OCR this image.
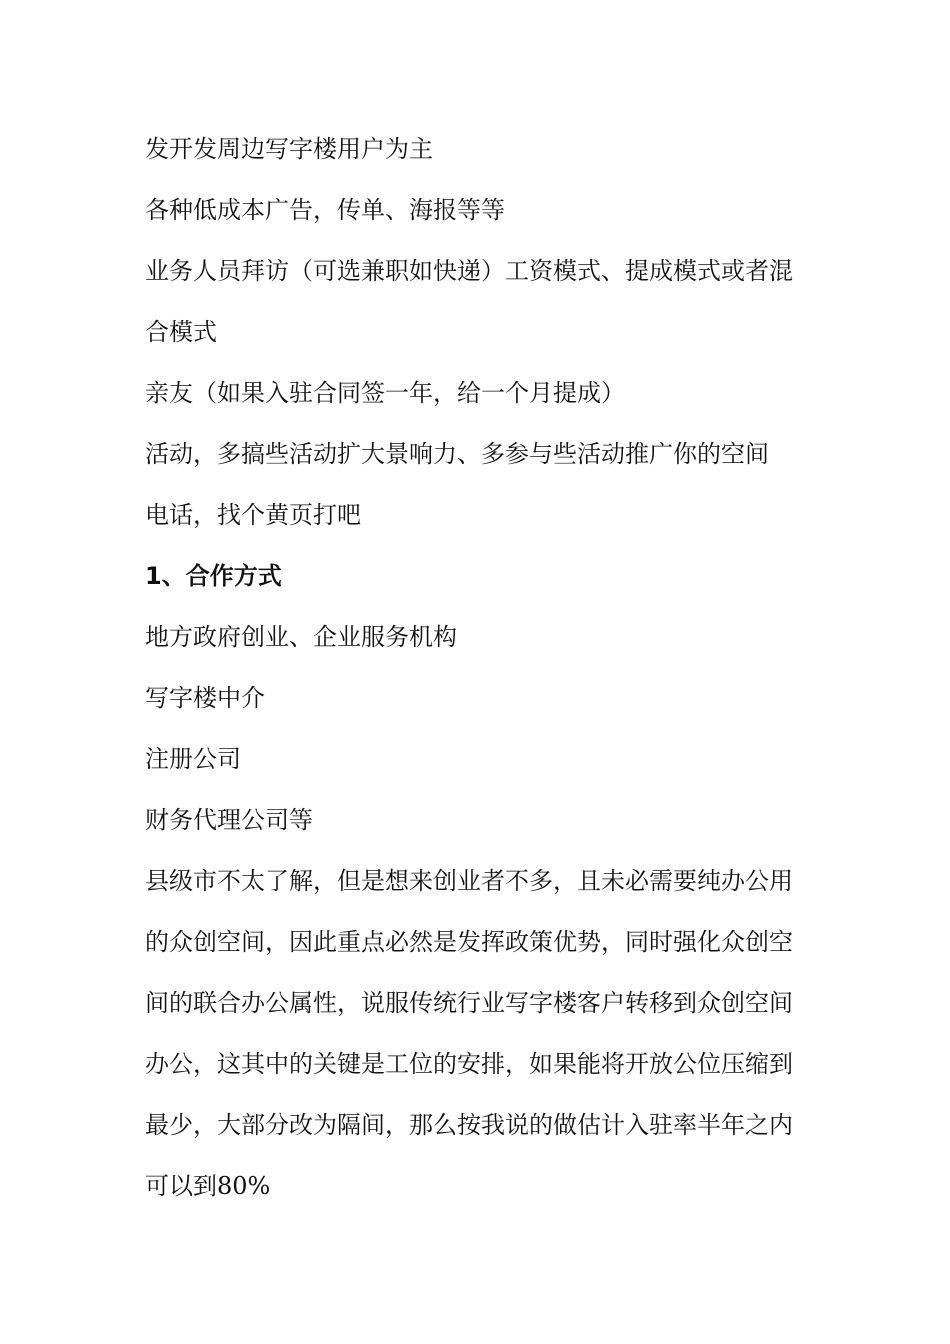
发开发周边写字楼用户为主

各种低成本广告，传单、海报等等

业务人员拜访（可选兼职如快递）工资模式、提成模式或者混合模式

亲友（如果入驻合同签一年，给一个月提成）

活动，多搞些活动扩大景响力、多参与些活动推广你的空间

电话，找个黄页打吧

1、合作方式

地方政府创业、企业服务机构

写字楼中介

注册公司

财务代理公司等

县级市不太了解，但是想来创业者不多，且未必需要纯办公用的众创空间，因此重点必然是发挥政策优势，同时强化众创空间的联合办公属性，说服传统行业写字楼客户转移到众创空间办公，这其中的关键是工位的安排，如果能将开放公位压缩到最少，大部分改为隔间，那么按我说的做估计入驻率半年之内可以到80%
